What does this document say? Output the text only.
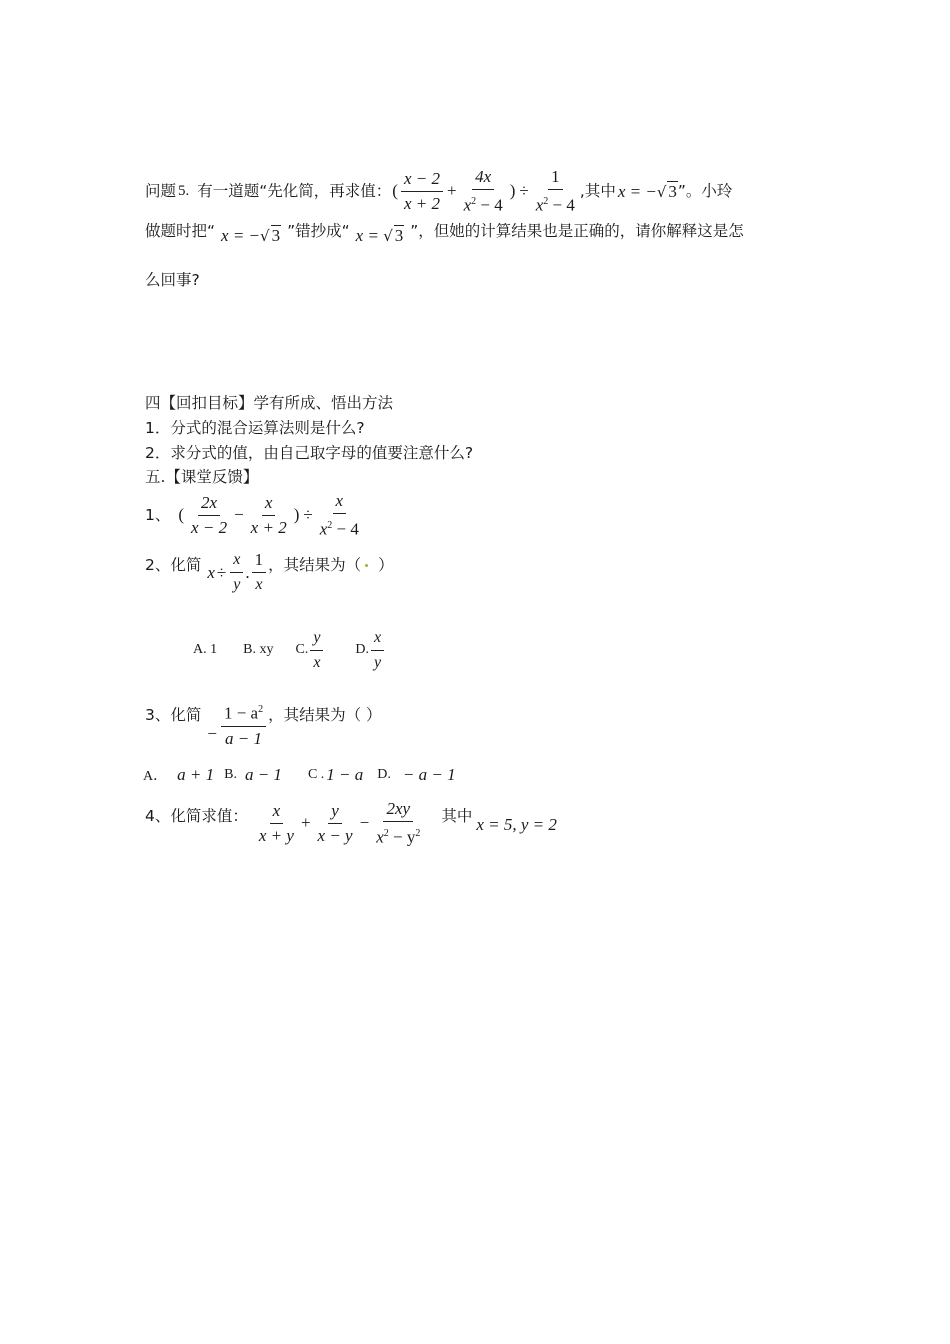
问题 5. 有一道题“先化简，再求值： ( $\frac{x - 2}{x + 2} + \frac{4x}{x^2 - 4}$ ) ÷ $\frac{1}{x^2 - 4}$ ,其中 x = −√ 3 ”。小玲
做题时把“ x = −√ 3 ”错抄成“ x = √ 3 ”，但她的计算结果也是正确的，请你解释这是怎
么回事?
四【回扣目标】学有所成、悟出方法
1．分式的混合运算法则是什么?
2．求分式的值，由自己取字母的值要注意什么?
五.【课堂反馈】
1、 ( $\frac{2x}{x - 2} - \frac{x}{x + 2}$ ) ÷ $\frac{x}{x^2 - 4}$
2、化简 $x \div \frac{x}{y}$ . $\frac{1}{x}$ ，其结果为（ ）
A. 1 B. xy C. $\frac{y}{x} D$. $\frac{x}{y}$
3、化简
− $\frac{1 - a^2}{a - 1}$ ，其结果为（ ）
A． a + 1 B. a − 1 C . 1 − a D. − a − 1
4、化简求值： $\frac{x}{x + y} + \frac{y}{x - y} - \frac{2xy}{x^2 - y^2}$ 其中 x = 5, y = 2
